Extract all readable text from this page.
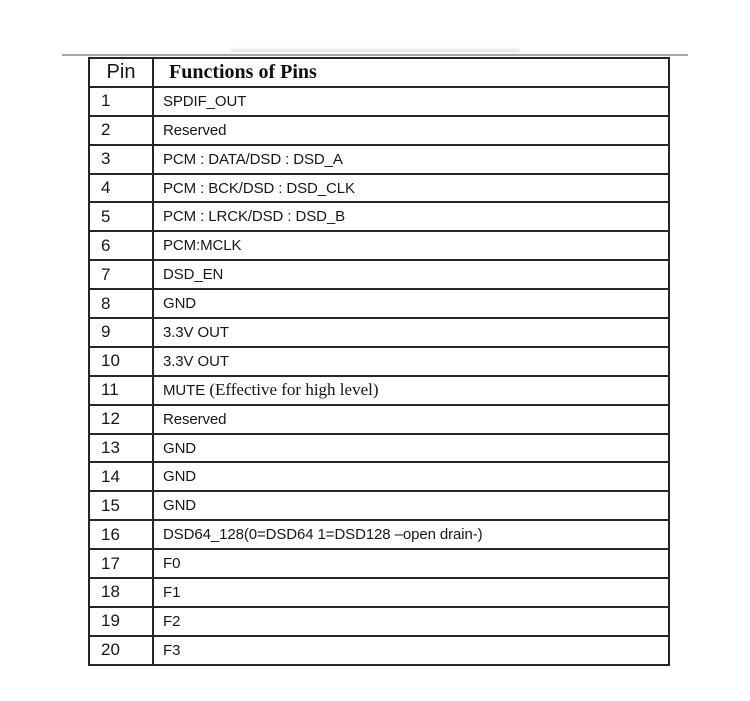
Pin	Functions of Pins
1	SPDIF_OUT
2	Reserved
3	PCM : DATA/DSD : DSD_A
4	PCM : BCK/DSD : DSD_CLK
5	PCM : LRCK/DSD : DSD_B
6	PCM:MCLK
7	DSD_EN
8	GND
9	3.3V OUT
10	3.3V OUT
11	MUTE (Effective for high level)
12	Reserved
13	GND
14	GND
15	GND
16	DSD64_128(0=DSD64 1=DSD128 –open drain-)
17	F0
18	F1
19	F2
20	F3
